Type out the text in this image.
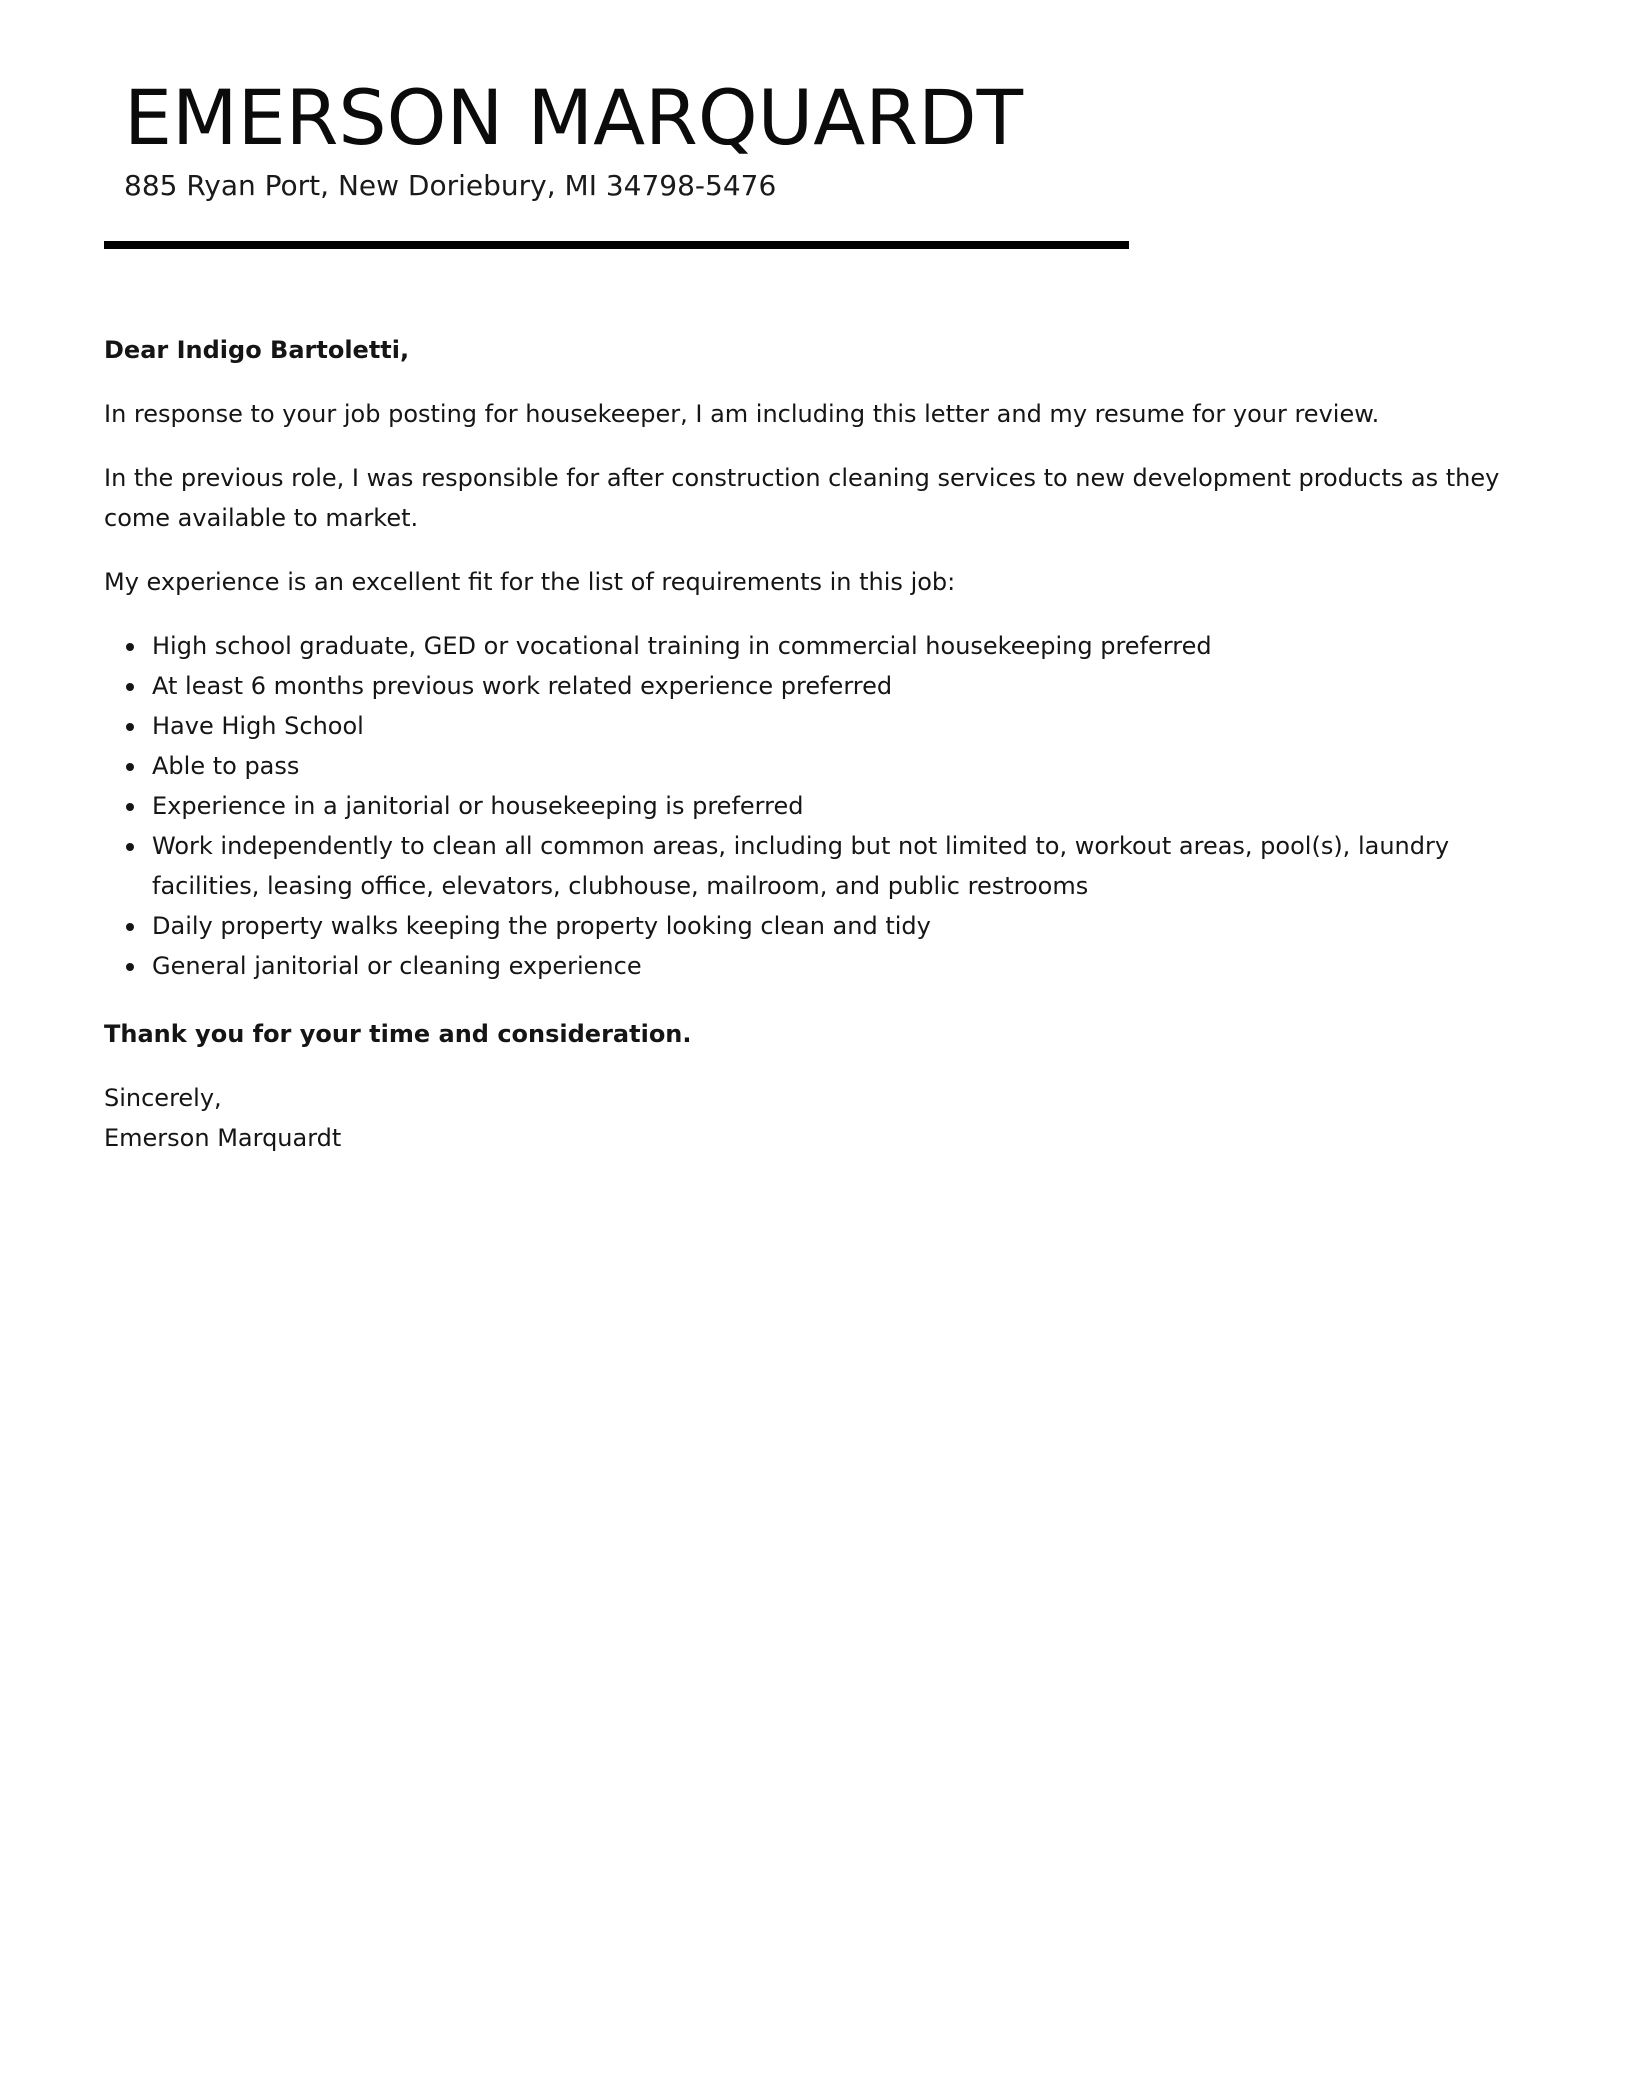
EMERSON MARQUARDT

885 Ryan Port, New Doriebury, MI 34798-5476

Dear Indigo Bartoletti,

In response to your job posting for housekeeper, I am including this letter and my resume for your review.

In the previous role, I was responsible for after construction cleaning services to new development products as they come available to market.

My experience is an excellent fit for the list of requirements in this job:

High school graduate, GED or vocational training in commercial housekeeping preferred
At least 6 months previous work related experience preferred
Have High School
Able to pass
Experience in a janitorial or housekeeping is preferred
Work independently to clean all common areas, including but not limited to, workout areas, pool(s), laundry facilities, leasing office, elevators, clubhouse, mailroom, and public restrooms
Daily property walks keeping the property looking clean and tidy
General janitorial or cleaning experience

Thank you for your time and consideration.

Sincerely,

Emerson Marquardt
